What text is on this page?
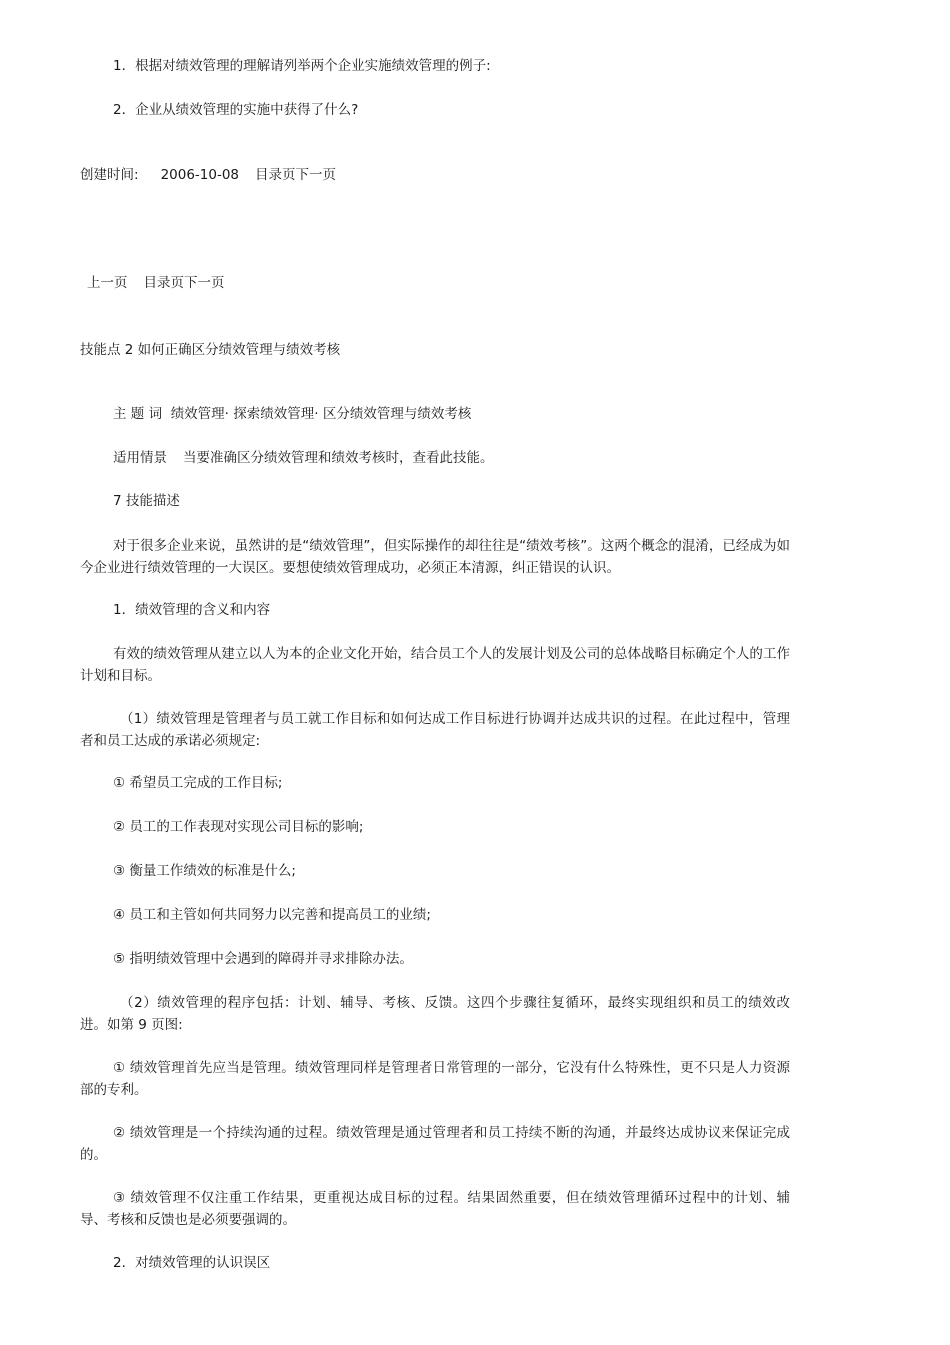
1．根据对绩效管理的理解请列举两个企业实施绩效管理的例子:
2．企业从绩效管理的实施中获得了什么?
创建时间: 2006-10-08 目录页下一页
上一页 目录页下一页
技能点 2 如何正确区分绩效管理与绩效考核
主 题 词 绩效管理· 探索绩效管理· 区分绩效管理与绩效考核
适用情景 当要准确区分绩效管理和绩效考核时，查看此技能。
7 技能描述
对于很多企业来说，虽然讲的是“绩效管理”，但实际操作的却往往是“绩效考核”。这两个概念的混淆，已经成为如今企业进行绩效管理的一大误区。要想使绩效管理成功，必须正本清源，纠正错误的认识。
1．绩效管理的含义和内容
有效的绩效管理从建立以人为本的企业文化开始，结合员工个人的发展计划及公司的总体战略目标确定个人的工作计划和目标。
（1）绩效管理是管理者与员工就工作目标和如何达成工作目标进行协调并达成共识的过程。在此过程中，管理者和员工达成的承诺必须规定:
① 希望员工完成的工作目标;
② 员工的工作表现对实现公司目标的影响;
③ 衡量工作绩效的标准是什么;
④ 员工和主管如何共同努力以完善和提高员工的业绩;
⑤ 指明绩效管理中会遇到的障碍并寻求排除办法。
（2）绩效管理的程序包括：计划、辅导、考核、反馈。这四个步骤往复循环，最终实现组织和员工的绩效改进。如第 9 页图:
① 绩效管理首先应当是管理。绩效管理同样是管理者日常管理的一部分，它没有什么特殊性，更不只是人力资源部的专利。
② 绩效管理是一个持续沟通的过程。绩效管理是通过管理者和员工持续不断的沟通，并最终达成协议来保证完成的。
③ 绩效管理不仅注重工作结果，更重视达成目标的过程。结果固然重要，但在绩效管理循环过程中的计划、辅导、考核和反馈也是必须要强调的。
2．对绩效管理的认识误区
